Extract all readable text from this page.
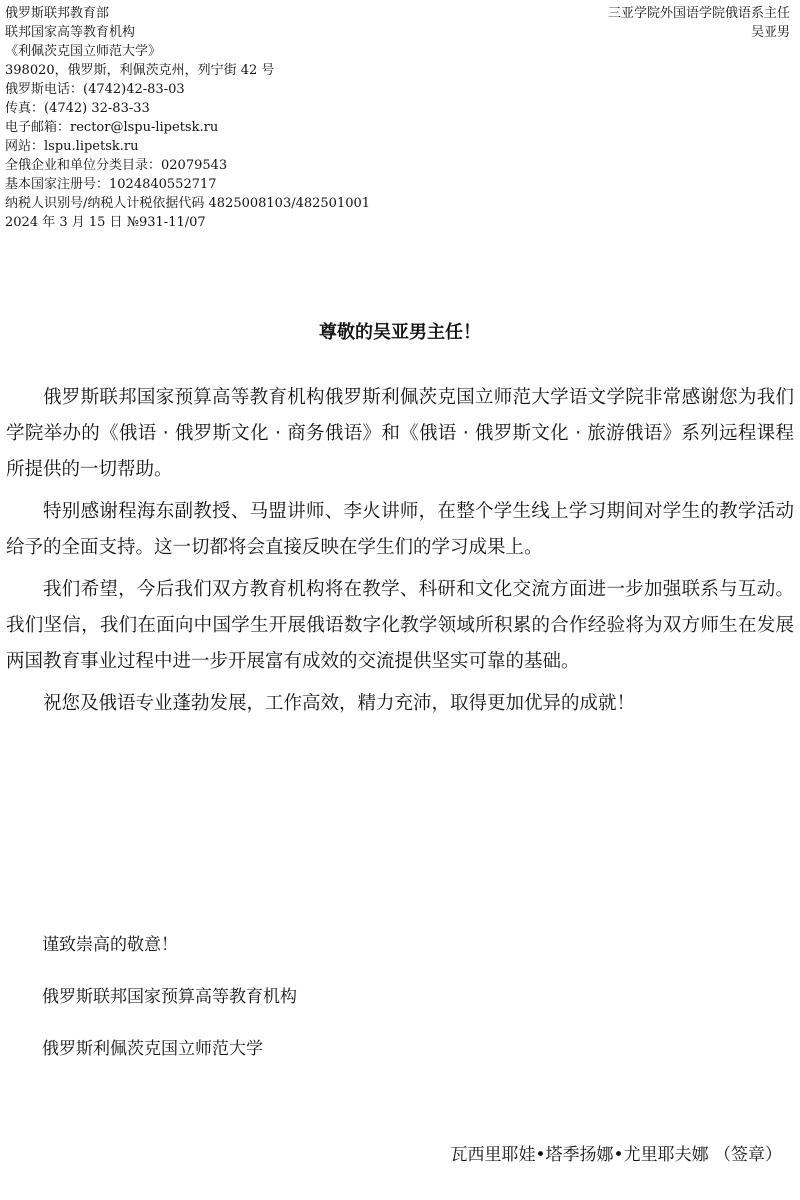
俄罗斯联邦教育部
联邦国家高等教育机构
《利佩茨克国立师范大学》
398020，俄罗斯，利佩茨克州，列宁街 42 号
俄罗斯电话：(4742)42-83-03
传真：(4742) 32-83-33
电子邮箱：rector@lspu-lipetsk.ru
网站：lspu.lipetsk.ru
全俄企业和单位分类目录：02079543
基本国家注册号：1024840552717
纳税人识别号/纳税人计税依据代码 4825008103/482501001
2024 年 3 月 15 日 №931-11/07
三亚学院外国语学院俄语系主任
吴亚男
尊敬的吴亚男主任！

俄罗斯联邦国家预算高等教育机构俄罗斯利佩茨克国立师范大学语文学院非常感谢您为我们学院举办的《俄语 · 俄罗斯文化 · 商务俄语》和《俄语 · 俄罗斯文化 · 旅游俄语》系列远程课程所提供的一切帮助。

特别感谢程海东副教授、马盟讲师、李火讲师，在整个学生线上学习期间对学生的教学活动给予的全面支持。这一切都将会直接反映在学生们的学习成果上。

我们希望，今后我们双方教育机构将在教学、科研和文化交流方面进一步加强联系与互动。我们坚信，我们在面向中国学生开展俄语数字化教学领域所积累的合作经验将为双方师生在发展两国教育事业过程中进一步开展富有成效的交流提供坚实可靠的基础。

祝您及俄语专业蓬勃发展，工作高效，精力充沛，取得更加优异的成就！

谨致崇高的敬意！
俄罗斯联邦国家预算高等教育机构
俄罗斯利佩茨克国立师范大学
瓦西里耶娃•塔季扬娜•尤里耶夫娜 （签章）
